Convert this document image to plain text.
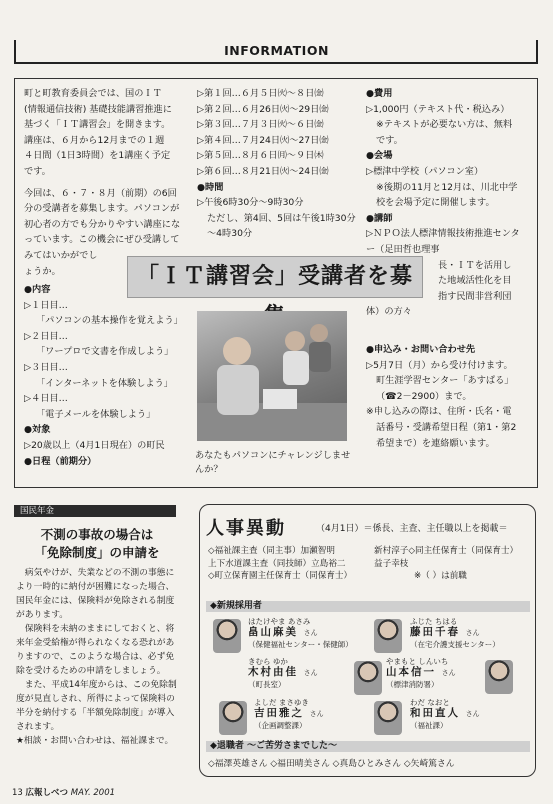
INFORMATION
町と町教育委員会では、国のＩＴ
(情報通信技術) 基礎技能講習推進に
基づく「ＩＴ講習会」を開きます。
講座は、６月から12月までの１週
４日間（1日3時間）を1講座く予定
です。
今回は、６・７・８月（前期）の6回
分の受講者を募集します。パソコンが
初心者の方でも分かりやすい講座にな
っています。この機会にぜひ受講して
みてはいかがでし
ょうか。
●内容
▷１日目…
「パソコンの基本操作を覚えよう」
▷２日目…
「ワープロで文書を作成しよう」
▷３日目…
「インターネットを体験しよう」
▷４日目…
「電子メールを体験しよう」
●対象
▷20歳以上（4月1日現在）の町民
●日程（前期分）
▷第１回…６月５日㈫～８日㈮
▷第２回…６月26日㈫～29日㈮
▷第３回…７月３日㈫～６日㈮
▷第４回…７月24日㈫～27日㈮
▷第５回…８月６日㈪～９日㈭
▷第６回…８月21日㈫～24日㈮
●時間
▷午後6時30分～9時30分
ただし、第4回、5回は午後1時30分
～4時30分
●費用
▷1,000円（テキスト代・税込み）
※テキストが必要ない方は、無料
です。
●会場
▷標津中学校（パソコン室）
※後期の11月と12月は、川北中学
校を会場予定に開催します。
●講師
▷ＮＰＯ法人標津情報技術推進センター（足田哲也理事
長・ＩＴを活用し
た地域活性化を目
指す民間非営利団
体）の方々
●申込み・お問い合わせ先
▷5月7日（月）から受け付けます。
町生涯学習センター「あすぱる」
（☎2－2900）まで。
※申し込みの際は、住所・氏名・電
話番号・受講希望日程（第1・第2
希望まで）を連絡願います。
「ＩＴ講習会」受講者を募
あなたもパソコンにチャレンジしませんか？
国民年金
不測の事故の場合は
「免除制度」の申請を
病気やけが、失業などの不測の事態により一時的に納付が困難になった場合、国民年金には、保険料が免除される制度があります。
保険料を未納のままにしておくと、将来年金受給権が得られなくなる恐れがありますので、このような場合は、必ず免除を受けるための申請をしましょう。
また、平成14年度からは、この免除制度が見直しされ、所得によって保険料の半分を納付する「半額免除制度」が導入されます。
★相談・お問い合わせは、福祉課まで。
人事異動	（4月1日）＝係長、主査、主任職以上を掲載＝
◇福祉課主査（同主事）加瀬智明
上下水道課主査（同技師）立島裕二
◇町立保育園主任保育士（同保育士）
新村淳子◇同主任保育士（同保育士）
益子幸枝
※（ ）は前職
◆新規採用者
はたけやま あさみ
畠山麻美 さん
（保健福祉センター・保健師）
ふじた ちはる
藤田千春 さん
（在宅介護支援センター）
きむら ゆか
木村由佳 さん
（町長室）
やまもと しんいち
山本信一 さん
（標津消防署）
よしだ まさゆき
吉田雅之 さん
（企画調整課）
わだ なおと
和田直人 さん
（福祉課）
◆退職者 ～ご苦労さまでした～
◇福澤英雄さん ◇福田晴美さん ◇真島ひとみさん ◇矢崎篤さん
13 広報しべつ MAY. 2001
